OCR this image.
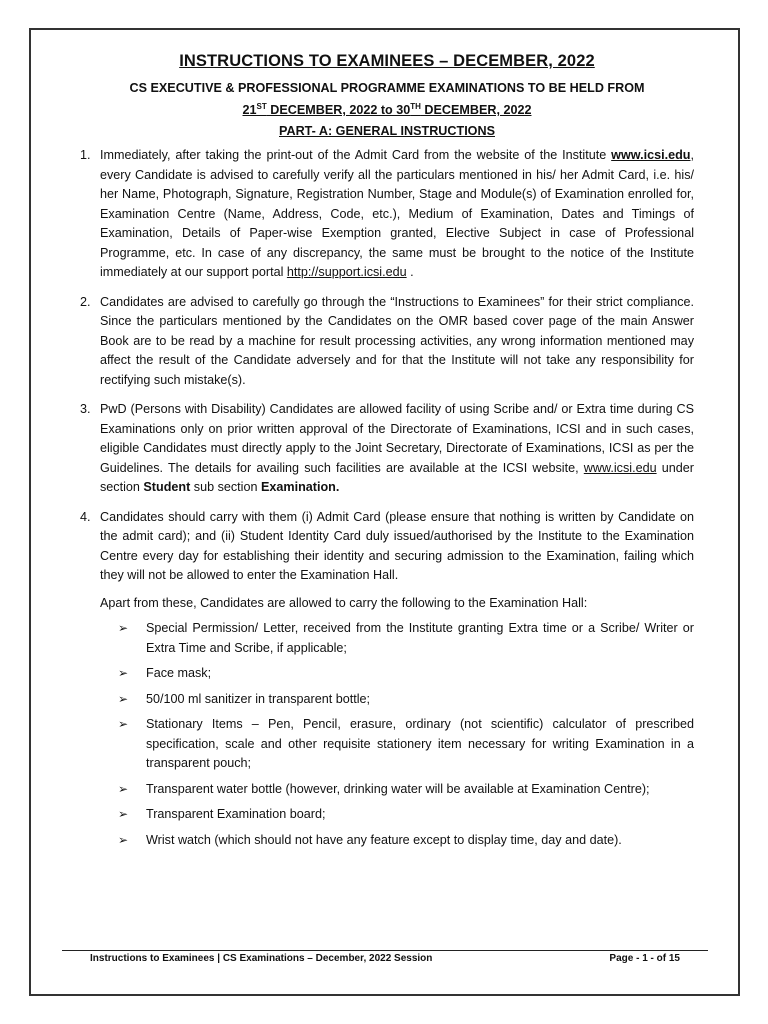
INSTRUCTIONS TO EXAMINEES – DECEMBER, 2022
CS EXECUTIVE & PROFESSIONAL PROGRAMME EXAMINATIONS TO BE HELD FROM
21ST DECEMBER, 2022 to 30TH DECEMBER, 2022
PART- A: GENERAL INSTRUCTIONS
1. Immediately, after taking the print-out of the Admit Card from the website of the Institute www.icsi.edu, every Candidate is advised to carefully verify all the particulars mentioned in his/ her Admit Card, i.e. his/ her Name, Photograph, Signature, Registration Number, Stage and Module(s) of Examination enrolled for, Examination Centre (Name, Address, Code, etc.), Medium of Examination, Dates and Timings of Examination, Details of Paper-wise Exemption granted, Elective Subject in case of Professional Programme, etc. In case of any discrepancy, the same must be brought to the notice of the Institute immediately at our support portal http://support.icsi.edu .
2. Candidates are advised to carefully go through the “Instructions to Examinees” for their strict compliance. Since the particulars mentioned by the Candidates on the OMR based cover page of the main Answer Book are to be read by a machine for result processing activities, any wrong information mentioned may affect the result of the Candidate adversely and for that the Institute will not take any responsibility for rectifying such mistake(s).
3. PwD (Persons with Disability) Candidates are allowed facility of using Scribe and/ or Extra time during CS Examinations only on prior written approval of the Directorate of Examinations, ICSI and in such cases, eligible Candidates must directly apply to the Joint Secretary, Directorate of Examinations, ICSI as per the Guidelines. The details for availing such facilities are available at the ICSI website, www.icsi.edu under section Student sub section Examination.
4. Candidates should carry with them (i) Admit Card (please ensure that nothing is written by Candidate on the admit card); and (ii) Student Identity Card duly issued/authorised by the Institute to the Examination Centre every day for establishing their identity and securing admission to the Examination, failing which they will not be allowed to enter the Examination Hall.
Apart from these, Candidates are allowed to carry the following to the Examination Hall:
➢ Special Permission/ Letter, received from the Institute granting Extra time or a Scribe/ Writer or Extra Time and Scribe, if applicable;
➢ Face mask;
➢ 50/100 ml sanitizer in transparent bottle;
➢ Stationary Items – Pen, Pencil, erasure, ordinary (not scientific) calculator of prescribed specification, scale and other requisite stationery item necessary for writing Examination in a transparent pouch;
➢ Transparent water bottle (however, drinking water will be available at Examination Centre);
➢ Transparent Examination board;
➢ Wrist watch (which should not have any feature except to display time, day and date).
Instructions to Examinees | CS Examinations – December, 2022 Session	Page - 1 - of 15
